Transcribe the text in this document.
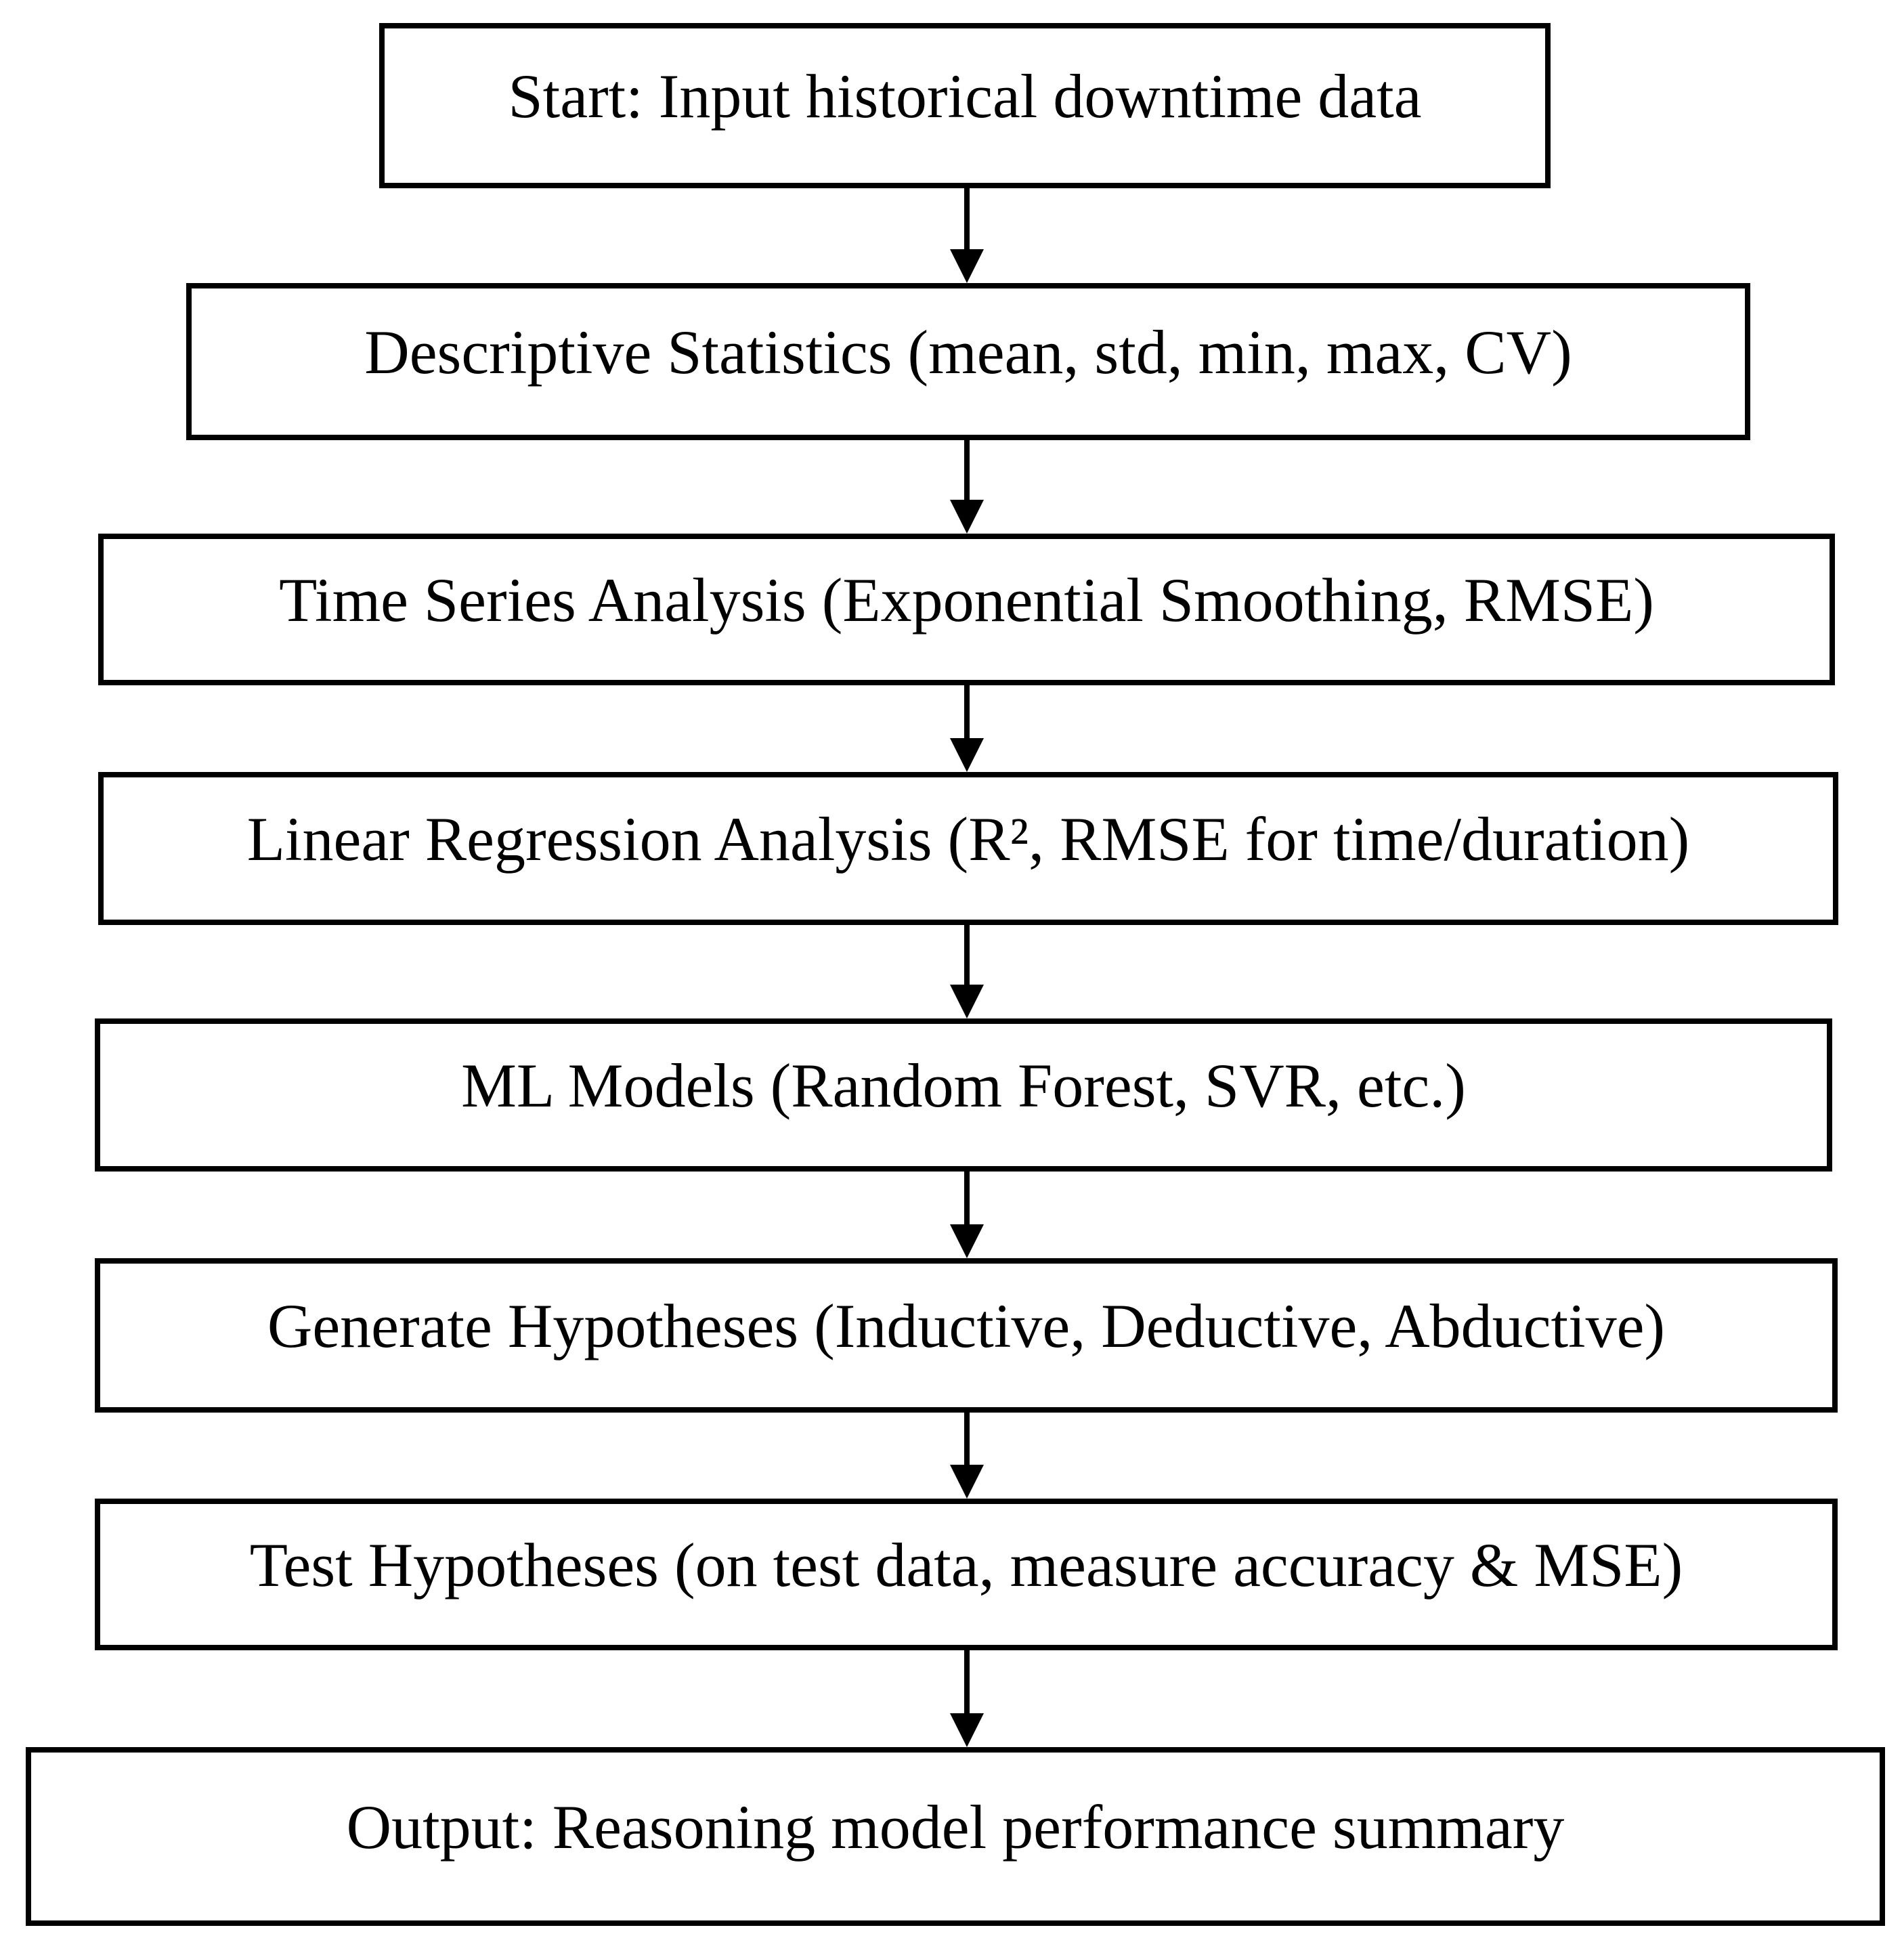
Start: Input historical downtime data
Descriptive Statistics (mean, std, min, max, CV)
Time Series Analysis (Exponential Smoothing, RMSE)
Linear Regression Analysis (R², RMSE for time/duration)
ML Models (Random Forest, SVR, etc.)
Generate Hypotheses (Inductive, Deductive, Abductive)
Test Hypotheses (on test data, measure accuracy & MSE)
Output: Reasoning model performance summary
